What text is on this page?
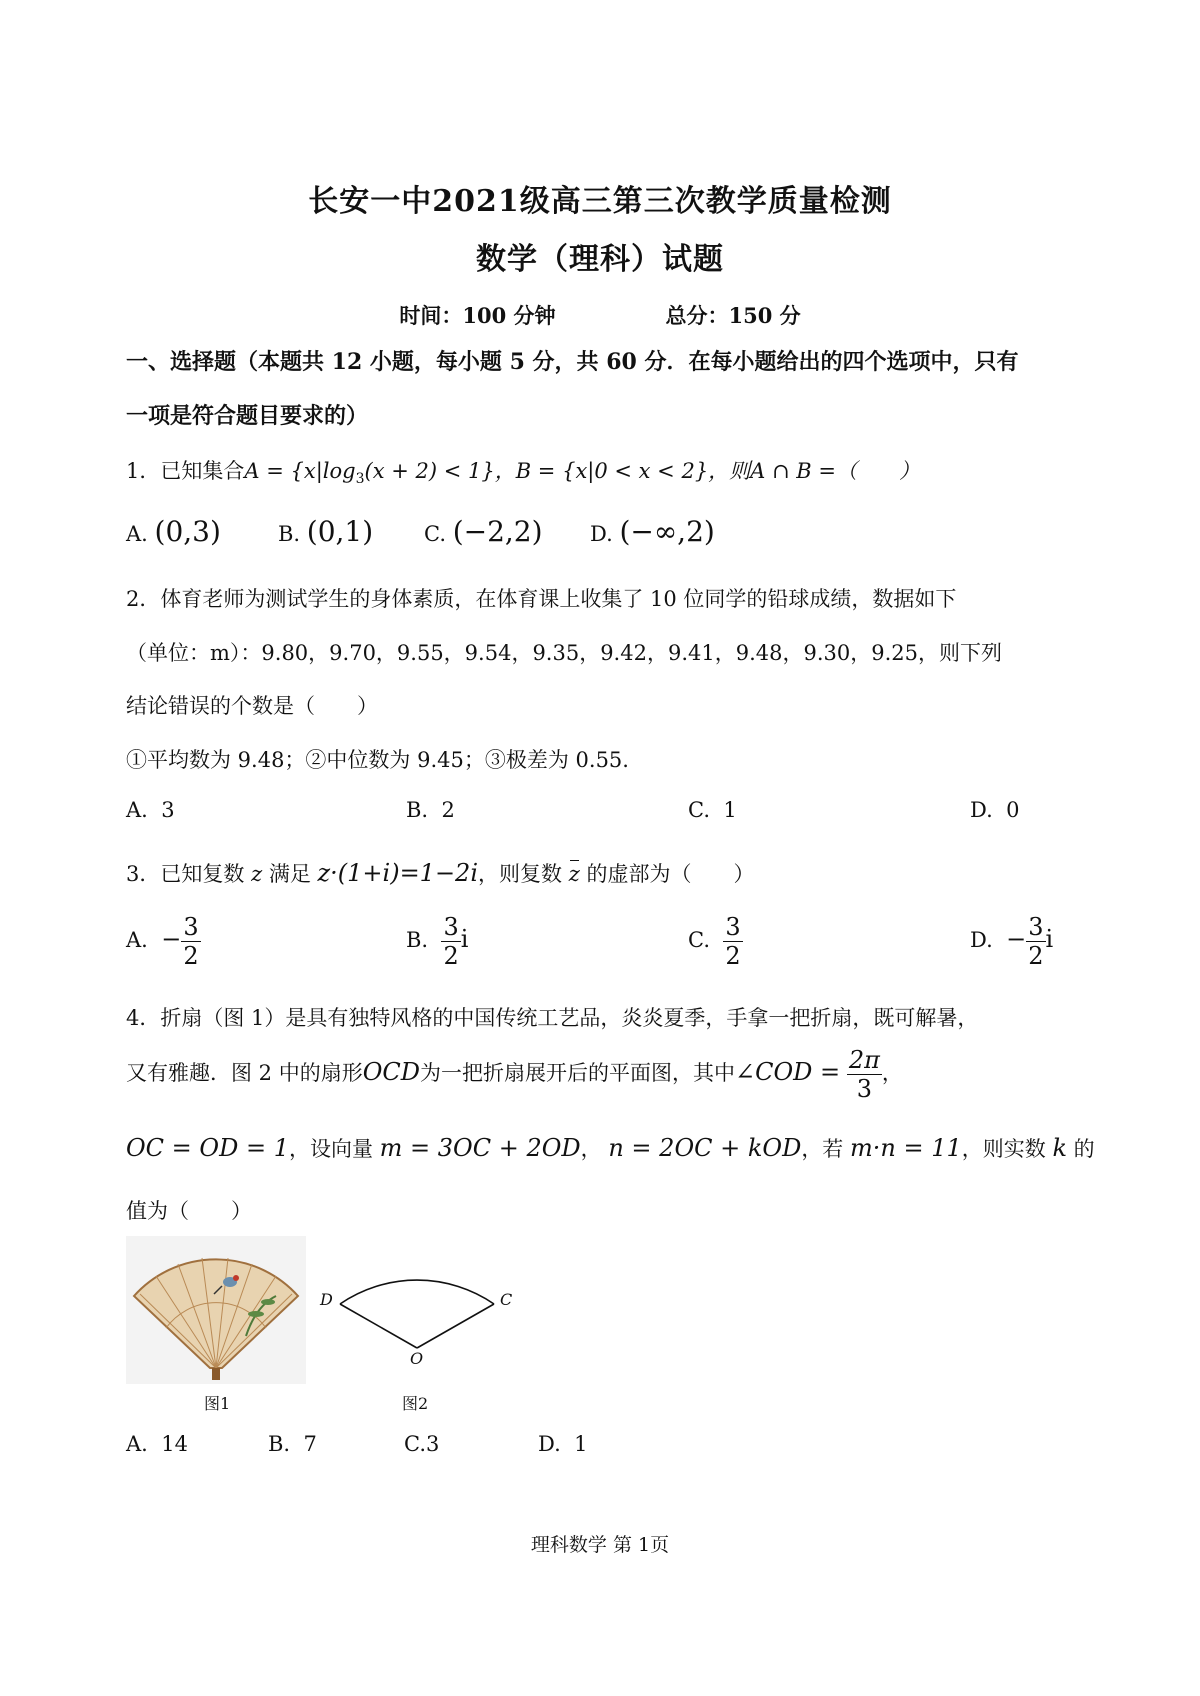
长安一中2021级高三第三次教学质量检测
数学（理科）试题
时间：100 分钟	总分：150 分
一、选择题（本题共 12 小题，每小题 5 分，共 60 分．在每小题给出的四个选项中，只有
一项是符合题目要求的）
1．已知集合$A = \{x|\log_3(x + 2) < 1\}$，B = {x|0 < x < 2}，则A ∩ B =（　　）
A. (0,3)	B. (0,1) C. (−2,2) D. (−∞,2)
2．体育老师为测试学生的身体素质，在体育课上收集了 10 位同学的铅球成绩，数据如下
（单位：m）：9.80，9.70，9.55，9.54，9.35，9.42，9.41，9.48，9.30，9.25，则下列
结论错误的个数是（　　）
①平均数为 9.48；②中位数为 9.45；③极差为 0.55.
A. 3	B. 2	C. 1	D. 0
3．已知复数 z 满足 z·(1+i)=1−2i，则复数 z 的虚部为（　　）
A. − $\frac{3}{2}$	B. $\frac{3}{2}$ i	C. $\frac{3}{2}$	D. − $\frac{3}{2}$ i
4．折扇（图 1）是具有独特风格的中国传统工艺品，炎炎夏季，手拿一把折扇，既可解暑，
又有雅趣．图 2 中的扇形OCD为一把折扇展开后的平面图，其中∠COD = $\frac{2\pi}{3}$ ，
OC = OD = 1，设向量 m = 3OC + 2OD， n = 2OC + kOD，若 m·n = 11，则实数 k 的
值为（　　）
图1
D	C
O
图2
A. 14	B. 7	C.3	D. 1
理科数学 第 1页
